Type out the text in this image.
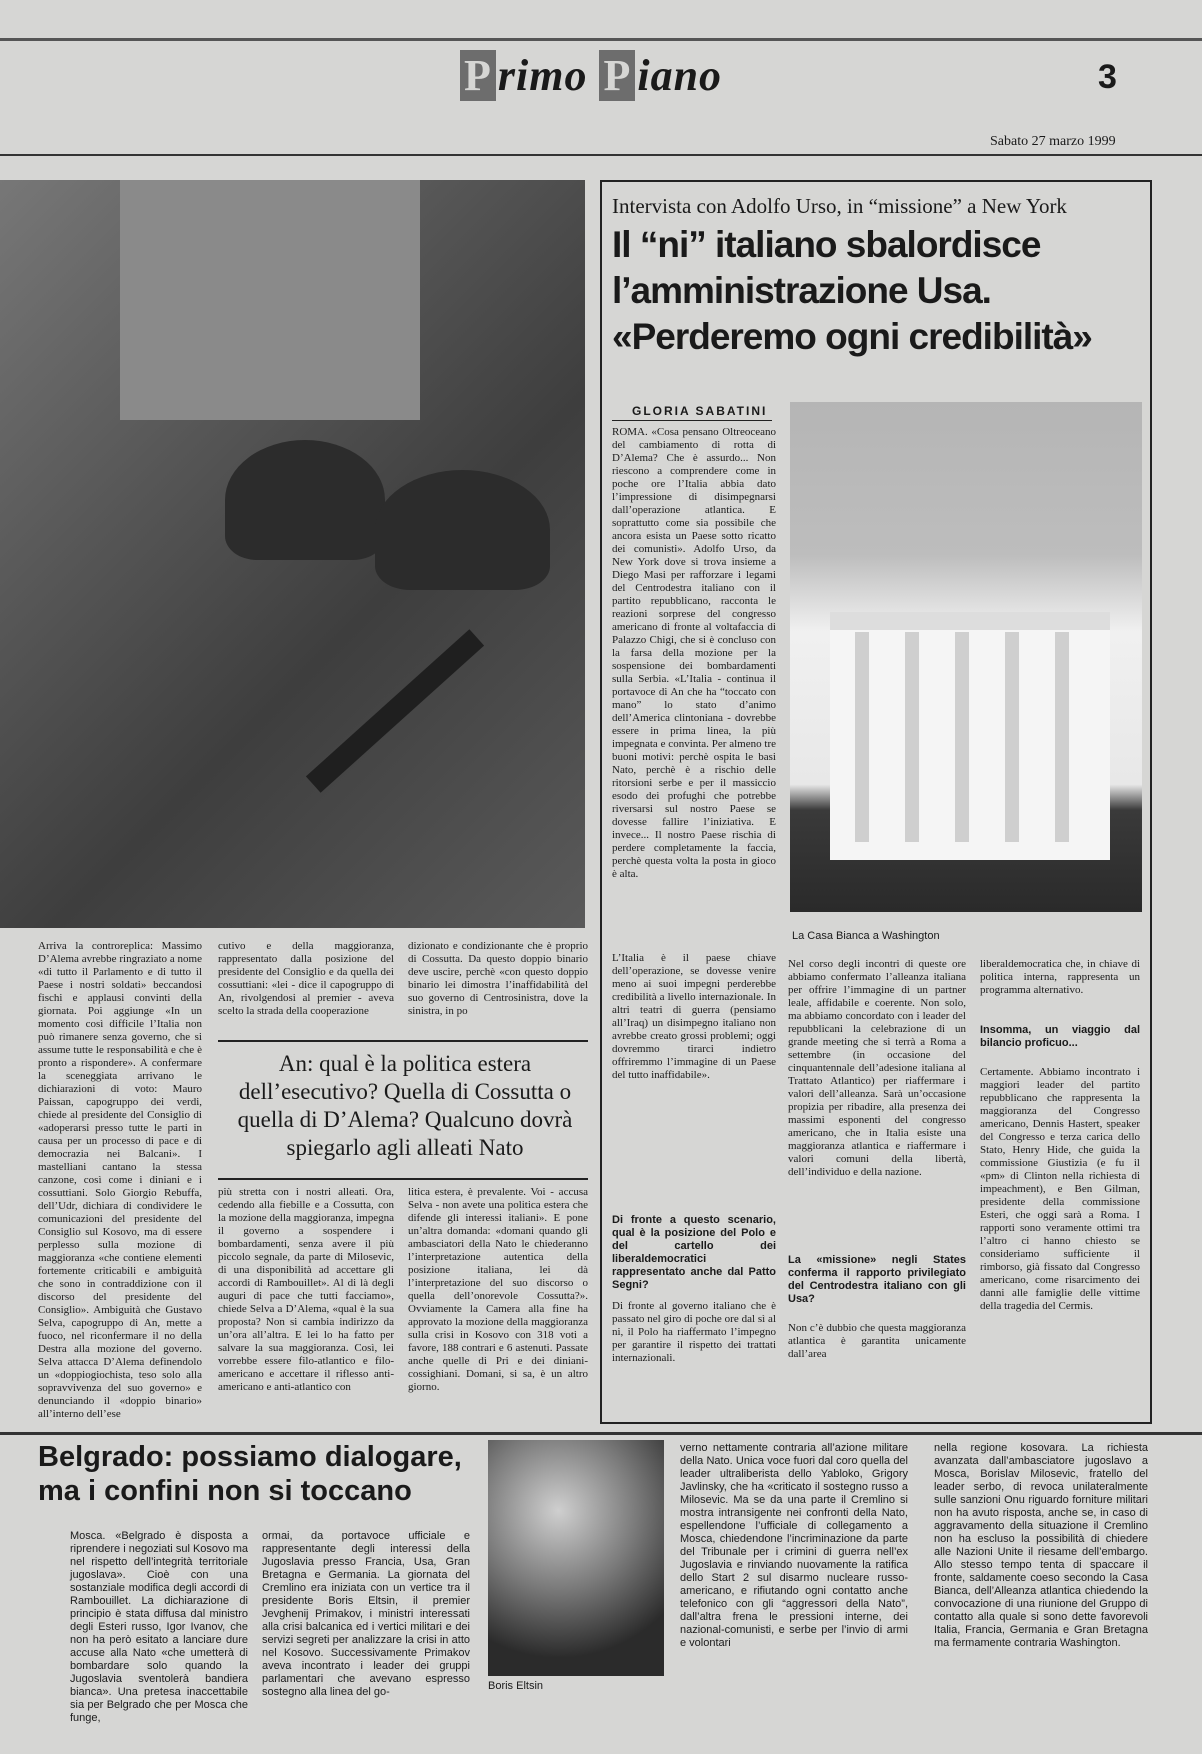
P rimo P iano	3
Sabato 27 marzo 1999
Intervista con Adolfo Urso, in “missione” a New York
Il “ni” italiano sbalordisce l’amministrazione Usa. «Perderemo ogni credibilità»
GLORIA SABATINI

ROMA. «Cosa pensano Oltreoceano del cambiamento di rotta di D’Alema? Che è assurdo... Non riescono a comprendere come in poche ore l’Italia abbia dato l’impressione di disimpegnarsi dall’operazione atlantica. E soprattutto come sia possibile che ancora esista un Paese sotto ricatto dei comunisti». Adolfo Urso, da New York dove si trova insieme a Diego Masi per rafforzare i legami del Centrodestra italiano con il partito repubblicano, racconta le reazioni sorprese del congresso americano di fronte al voltafaccia di Palazzo Chigi, che si è concluso con la farsa della mozione per la sospensione dei bombardamenti sulla Serbia. «L’Italia - continua il portavoce di An che ha “toccato con mano” lo stato d’animo dell’America clintoniana - dovrebbe essere in prima linea, la più impegnata e convinta. Per almeno tre buoni motivi: perchè ospita le basi Nato, perchè è a rischio delle ritorsioni serbe e per il massiccio esodo dei profughi che potrebbe riversarsi sul nostro Paese se dovesse fallire l’iniziativa. E invece... Il nostro Paese rischia di perdere completamente la faccia, perchè questa volta la posta in gioco è alta.

La Casa Bianca a Washington

L’Italia è il paese chiave dell’operazione, se dovesse venire meno ai suoi impegni perderebbe credibilità a livello internazionale. In altri teatri di guerra (pensiamo all’Iraq) un disimpegno italiano non avrebbe creato grossi problemi; oggi dovremmo tirarci indietro offriremmo l’immagine di un Paese del tutto inaffidabile».

Di fronte a questo scenario, qual è la posizione del Polo e del cartello dei liberaldemocratici rappresentato anche dal Patto Segni?

Di fronte al governo italiano che è passato nel giro di poche ore dal sì al ni, il Polo ha riaffermato l’impegno per garantire il rispetto dei trattati internazionali.

Nel corso degli incontri di queste ore abbiamo confermato l’alleanza italiana per offrire l’immagine di un partner leale, affidabile e coerente. Non solo, ma abbiamo concordato con i leader del repubblicani la celebrazione di un grande meeting che si terrà a Roma a settembre (in occasione del cinquantennale dell’adesione italiana al Trattato Atlantico) per riaffermare i valori dell’alleanza. Sarà un’occasione propizia per ribadire, alla presenza dei massimi esponenti del congresso americano, che in Italia esiste una maggioranza atlantica e riaffermare i valori comuni della libertà, dell’individuo e della nazione.

La «missione» negli States conferma il rapporto privilegiato del Centrodestra italiano con gli Usa?

Non c’è dubbio che questa maggioranza atlantica è garantita unicamente dall’area

liberaldemocratica che, in chiave di politica interna, rappresenta un programma alternativo.

Insomma, un viaggio dal bilancio proficuo...

Certamente. Abbiamo incontrato i maggiori leader del partito repubblicano che rappresenta la maggioranza del Congresso americano, Dennis Hastert, speaker del Congresso e terza carica dello Stato, Henry Hide, che guida la commissione Giustizia (e fu il «pm» di Clinton nella richiesta di impeachment), e Ben Gilman, presidente della commissione Esteri, che oggi sarà a Roma. I rapporti sono veramente ottimi tra l’altro ci hanno chiesto se consideriamo sufficiente il rimborso, già fissato dal Congresso americano, come risarcimento dei danni alle famiglie delle vittime della tragedia del Cermis.

Arriva la controreplica: Massimo D’Alema avrebbe ringraziato a nome «di tutto il Parlamento e di tutto il Paese i nostri soldati» beccandosi fischi e applausi convinti della giornata. Poi aggiunge «In un momento così difficile l’Italia non può rimanere senza governo, che si assume tutte le responsabilità e che è pronto a rispondere». A confermare la sceneggiata arrivano le dichiarazioni di voto: Mauro Paissan, capogruppo dei verdi, chiede al presidente del Consiglio di «adoperarsi presso tutte le parti in causa per un processo di pace e di democrazia nei Balcani». I mastelliani cantano la stessa canzone, così come i diniani e i cossuttiani. Solo Giorgio Rebuffa, dell’Udr, dichiara di condividere le comunicazioni del presidente del Consiglio sul Kosovo, ma di essere perplesso sulla mozione di maggioranza «che contiene elementi fortemente criticabili e ambiguità che sono in contraddizione con il discorso del presidente del Consiglio». Ambiguità che Gustavo Selva, capogruppo di An, mette a fuoco, nel riconfermare il no della Destra alla mozione del governo. Selva attacca D’Alema definendolo un «doppiogiochista, teso solo alla sopravvivenza del suo governo» e denunciando il «doppio binario» all’interno dell’ese

cutivo e della maggioranza, rappresentato dalla posizione del presidente del Consiglio e da quella dei cossuttiani: «lei - dice il capogruppo di An, rivolgendosi al premier - aveva scelto la strada della cooperazione

dizionato e condizionante che è proprio di Cossutta. Da questo doppio binario deve uscire, perchè «con questo doppio binario lei dimostra l’inaffidabilità del suo governo di Centrosinistra, dove la sinistra, in po

An: qual è la politica estera dell’esecutivo? Quella di Cossutta o quella di D’Alema? Qualcuno dovrà spiegarlo agli alleati Nato

più stretta con i nostri alleati. Ora, cedendo alla fiebille e a Cossutta, con la mozione della maggioranza, impegna il governo a sospendere i bombardamenti, senza avere il più piccolo segnale, da parte di Milosevic, di una disponibilità ad accettare gli accordi di Rambouillet». Al di là degli auguri di pace che tutti facciamo», chiede Selva a D’Alema, «qual è la sua proposta? Non si cambia indirizzo da un’ora all’altra. E lei lo ha fatto per salvare la sua maggioranza. Così, lei vorrebbe essere filo-atlantico e filo-americano e accettare il riflesso anti-americano e anti-atlantico con

litica estera, è prevalente. Voi - accusa Selva - non avete una politica estera che difende gli interessi italiani». E pone un’altra domanda: «domani quando gli ambasciatori della Nato le chiederanno l’interpretazione autentica della posizione italiana, lei dà l’interpretazione del suo discorso o quella dell’onorevole Cossutta?». Ovviamente la Camera alla fine ha approvato la mozione della maggioranza sulla crisi in Kosovo con 318 voti a favore, 188 contrari e 6 astenuti. Passate anche quelle di Pri e dei diniani-cossighiani. Domani, si sa, è un altro giorno.

Belgrado: possiamo dialogare, ma i confini non si toccano

Mosca. «Belgrado è disposta a riprendere i negoziati sul Kosovo ma nel rispetto dell’integrità territoriale jugoslava». Cioè con una sostanziale modifica degli accordi di Rambouillet. La dichiarazione di principio è stata diffusa dal ministro degli Esteri russo, Igor Ivanov, che non ha però esitato a lanciare dure accuse alla Nato «che umetterà di bombardare solo quando la Jugoslavia sventolerà bandiera bianca». Una pretesa inaccettabile sia per Belgrado che per Mosca che funge,

ormai, da portavoce ufficiale e rappresentante degli interessi della Jugoslavia presso Francia, Usa, Gran Bretagna e Germania. La giornata del Cremlino era iniziata con un vertice tra il presidente Boris Eltsin, il premier Jevghenij Primakov, i ministri interessati alla crisi balcanica ed i vertici militari e dei servizi segreti per analizzare la crisi in atto nel Kosovo. Successivamente Primakov aveva incontrato i leader dei gruppi parlamentari che avevano espresso sostegno alla linea del go-	Boris Eltsin

verno nettamente contraria all’azione militare della Nato. Unica voce fuori dal coro quella del leader ultraliberista dello Yabloko, Grigory Javlinsky, che ha «criticato il sostegno russo a Milosevic. Ma se da una parte il Cremlino si mostra intransigente nei confronti della Nato, espellendone l’ufficiale di collegamento a Mosca, chiedendone l’incriminazione da parte del Tribunale per i crimini di guerra nell’ex Jugoslavia e rinviando nuovamente la ratifica dello Start 2 sul disarmo nucleare russo-americano, e rifiutando ogni contatto anche telefonico con gli “aggressori della Nato”, dall’altra frena le pressioni interne, dei nazional-comunisti, e serbe per l’invio di armi e volontari

nella regione kosovara. La richiesta avanzata dall’ambasciatore jugoslavo a Mosca, Borislav Milosevic, fratello del leader serbo, di revoca unilateralmente sulle sanzioni Onu riguardo forniture militari non ha avuto risposta, anche se, in caso di aggravamento della situazione il Cremlino non ha escluso la possibilità di chiedere alle Nazioni Unite il riesame dell’embargo. Allo stesso tempo tenta di spaccare il fronte, saldamente coeso secondo la Casa Bianca, dell’Alleanza atlantica chiedendo la convocazione di una riunione del Gruppo di contatto alla quale si sono dette favorevoli Italia, Francia, Germania e Gran Bretagna ma fermamente contraria Washington.
